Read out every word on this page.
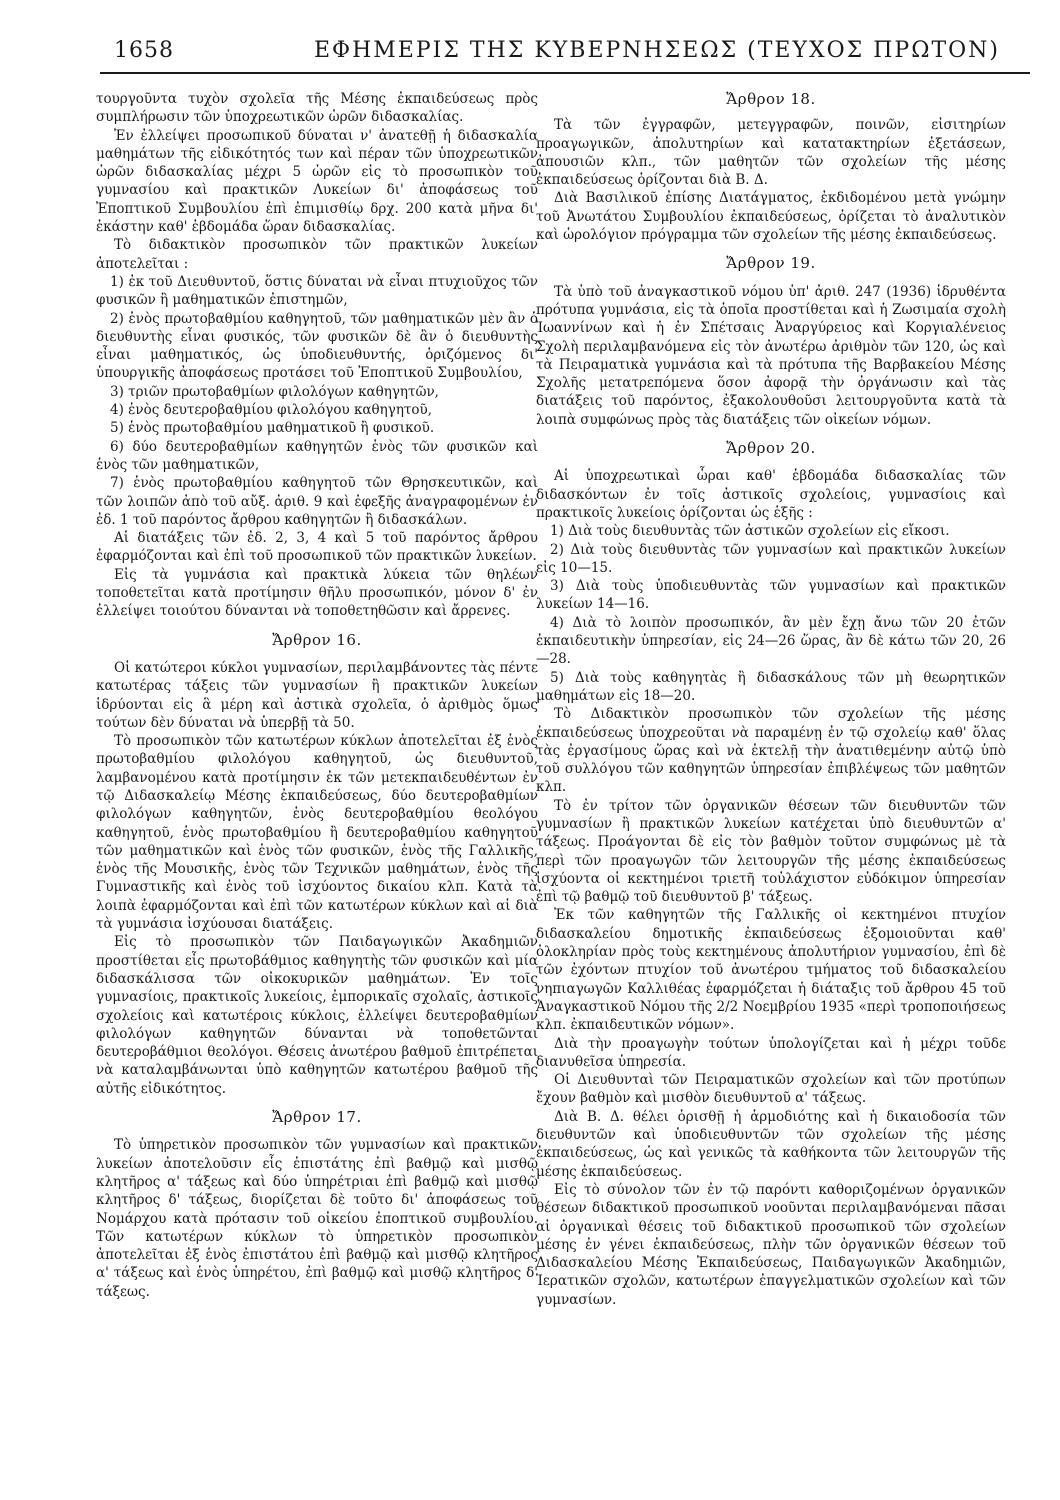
1658	ΕΦΗΜΕΡΙΣ ΤΗΣ ΚΥΒΕΡΝΗΣΕΩΣ (ΤΕΥΧΟΣ ΠΡΩΤΟΝ)

τουργοῦντα τυχὸν σχολεῖα τῆς Μέσης ἐκπαιδεύσεως πρὸς συμπλήρωσιν τῶν ὑποχρεωτικῶν ὡρῶν διδασκαλίας.

Ἐν ἐλλείψει προσωπικοῦ δύναται ν' ἀνατεθῇ ἡ διδασκαλία μαθημάτων τῆς εἰδικότητός των καὶ πέραν τῶν ὑποχρεωτικῶν ὡρῶν διδασκαλίας μέχρι 5 ὡρῶν εἰς τὸ προσωπικὸν τοῦ γυμνασίου καὶ πρακτικῶν Λυκείων δι' ἀποφάσεως τοῦ Ἐποπτικοῦ Συμβουλίου ἐπὶ ἐπιμισθίῳ δρχ. 200 κατὰ μῆνα δι' ἑκάστην καθ' ἑβδομάδα ὥραν διδασκαλίας.

Τὸ διδακτικὸν προσωπικὸν τῶν πρακτικῶν λυκείων ἀποτελεῖται :

1) ἐκ τοῦ Διευθυντοῦ, ὅστις δύναται νὰ εἶναι πτυχιοῦχος τῶν φυσικῶν ἢ μαθηματικῶν ἐπιστημῶν,

2) ἑνὸς πρωτοβαθμίου καθηγητοῦ, τῶν μαθηματικῶν μὲν ἂν ὁ διευθυντὴς εἶναι φυσικός, τῶν φυσικῶν δὲ ἂν ὁ διευθυντὴς εἶναι μαθηματικός, ὡς ὑποδιευθυντής, ὁριζόμενος δι' ὑπουργικῆς ἀποφάσεως προτάσει τοῦ Ἐποπτικοῦ Συμβουλίου,

3) τριῶν πρωτοβαθμίων φιλολόγων καθηγητῶν,

4) ἑνὸς δευτεροβαθμίου φιλολόγου καθηγητοῦ,

5) ἑνὸς πρωτοβαθμίου μαθηματικοῦ ἢ φυσικοῦ.

6) δύο δευτεροβαθμίων καθηγητῶν ἑνὸς τῶν φυσικῶν καὶ ἑνὸς τῶν μαθηματικῶν,

7) ἑνὸς πρωτοβαθμίου καθηγητοῦ τῶν Θρησκευτικῶν, καὶ τῶν λοιπῶν ἀπὸ τοῦ αὔξ. ἀριθ. 9 καὶ ἐφεξῆς ἀναγραφομένων ἐν ἐδ. 1 τοῦ παρόντος ἄρθρου καθηγητῶν ἢ διδασκάλων.

Αἱ διατάξεις τῶν ἐδ. 2, 3, 4 καὶ 5 τοῦ παρόντος ἄρθρου ἐφαρμόζονται καὶ ἐπὶ τοῦ προσωπικοῦ τῶν πρακτικῶν λυκείων.

Εἰς τὰ γυμνάσια καὶ πρακτικὰ λύκεια τῶν θηλέων τοποθετεῖται κατὰ προτίμησιν θῆλυ προσωπικόν, μόνον δ' ἐν ἐλλείψει τοιούτου δύνανται νὰ τοποθετηθῶσιν καὶ ἄρρενες.

Ἄρθρον 16.

Οἱ κατώτεροι κύκλοι γυμνασίων, περιλαμβάνοντες τὰς πέντε κατωτέρας τάξεις τῶν γυμνασίων ἢ πρακτικῶν λυκείων ἱδρύονται εἰς ἃ μέρη καὶ ἀστικὰ σχολεῖα, ὁ ἀριθμὸς ὅμως τούτων δὲν δύναται νὰ ὑπερβῇ τὰ 50.

Τὸ προσωπικὸν τῶν κατωτέρων κύκλων ἀποτελεῖται ἐξ ἑνὸς πρωτοβαθμίου φιλολόγου καθηγητοῦ, ὡς διευθυντοῦ, λαμβανομένου κατὰ προτίμησιν ἐκ τῶν μετεκπαιδευθέντων ἐν τῷ Διδασκαλείῳ Μέσης ἐκπαιδεύσεως, δύο δευτεροβαθμίων φιλολόγων καθηγητῶν, ἑνὸς δευτεροβαθμίου θεολόγου καθηγητοῦ, ἑνὸς πρωτοβαθμίου ἢ δευτεροβαθμίου καθηγητοῦ τῶν μαθηματικῶν καὶ ἑνὸς τῶν φυσικῶν, ἑνὸς τῆς Γαλλικῆς, ἑνὸς τῆς Μουσικῆς, ἑνὸς τῶν Τεχνικῶν μαθημάτων, ἑνὸς τῆς Γυμναστικῆς καὶ ἑνὸς τοῦ ἰσχύοντος δικαίου κλπ. Κατὰ τὰ λοιπὰ ἐφαρμόζονται καὶ ἐπὶ τῶν κατωτέρων κύκλων καὶ αἱ διὰ τὰ γυμνάσια ἰσχύουσαι διατάξεις.

Εἰς τὸ προσωπικὸν τῶν Παιδαγωγικῶν Ἀκαδημιῶν προστίθεται εἷς πρωτοβάθμιος καθηγητὴς τῶν φυσικῶν καὶ μία διδασκάλισσα τῶν οἰκοκυρικῶν μαθημάτων. Ἐν τοῖς γυμνασίοις, πρακτικοῖς λυκείοις, ἐμπορικαῖς σχολαῖς, ἀστικοῖς σχολείοις καὶ κατωτέροις κύκλοις, ἐλλείψει δευτεροβαθμίων φιλολόγων καθηγητῶν δύνανται νὰ τοποθετῶνται δευτεροβάθμιοι θεολόγοι. Θέσεις ἀνωτέρου βαθμοῦ ἐπιτρέπεται νὰ καταλαμβάνωνται ὑπὸ καθηγητῶν κατωτέρου βαθμοῦ τῆς αὐτῆς εἰδικότητος.

Ἄρθρον 17.

Τὸ ὑπηρετικὸν προσωπικὸν τῶν γυμνασίων καὶ πρακτικῶν λυκείων ἀποτελοῦσιν εἷς ἐπιστάτης ἐπὶ βαθμῷ καὶ μισθῷ κλητῆρος α' τάξεως καὶ δύο ὑπηρέτριαι ἐπὶ βαθμῷ καὶ μισθῷ κλητῆρος δ' τάξεως, διορίζεται δὲ τοῦτο δι' ἀποφάσεως τοῦ Νομάρχου κατὰ πρότασιν τοῦ οἰκείου ἐποπτικοῦ συμβουλίου. Τῶν κατωτέρων κύκλων τὸ ὑπηρετικὸν προσωπικὸν ἀποτελεῖται ἐξ ἑνὸς ἐπιστάτου ἐπὶ βαθμῷ καὶ μισθῷ κλητῆρος α' τάξεως καὶ ἑνὸς ὑπηρέτου, ἐπὶ βαθμῷ καὶ μισθῷ κλητῆρος δ' τάξεως.

Ἄρθρον 18.

Τὰ τῶν ἐγγραφῶν, μετεγγραφῶν, ποινῶν, εἰσιτηρίων προαγωγικῶν, ἀπολυτηρίων καὶ κατατακτηρίων ἐξετάσεων, ἀπουσιῶν κλπ., τῶν μαθητῶν τῶν σχολείων τῆς μέσης ἐκπαιδεύσεως ὁρίζονται διὰ Β. Δ.

Διὰ Βασιλικοῦ ἐπίσης Διατάγματος, ἐκδιδομένου μετὰ γνώμην τοῦ Ἀνωτάτου Συμβουλίου ἐκπαιδεύσεως, ὁρίζεται τὸ ἀναλυτικὸν καὶ ὡρολόγιον πρόγραμμα τῶν σχολείων τῆς μέσης ἐκπαιδεύσεως.

Ἄρθρον 19.

Τὰ ὑπὸ τοῦ ἀναγκαστικοῦ νόμου ὑπ' ἀριθ. 247 (1936) ἱδρυθέντα πρότυπα γυμνάσια, εἰς τὰ ὁποῖα προστίθεται καὶ ἡ Ζωσιμαία σχολὴ Ἰωαννίνων καὶ ἡ ἐν Σπέτσαις Ἀναργύρειος καὶ Κοργιαλένειος Σχολὴ περιλαμβανόμενα εἰς τὸν ἀνωτέρω ἀριθμὸν τῶν 120, ὡς καὶ τὰ Πειραματικὰ γυμνάσια καὶ τὰ πρότυπα τῆς Βαρβακείου Μέσης Σχολῆς μετατρεπόμενα ὅσον ἀφορᾷ τὴν ὀργάνωσιν καὶ τὰς διατάξεις τοῦ παρόντος, ἐξακολουθοῦσι λειτουργοῦντα κατὰ τὰ λοιπὰ συμφώνως πρὸς τὰς διατάξεις τῶν οἰκείων νόμων.

Ἄρθρον 20.

Αἱ ὑποχρεωτικαὶ ὧραι καθ' ἑβδομάδα διδασκαλίας τῶν διδασκόντων ἐν τοῖς ἀστικοῖς σχολείοις, γυμνασίοις καὶ πρακτικοῖς λυκείοις ὁρίζονται ὡς ἑξῆς :

1) Διὰ τοὺς διευθυντὰς τῶν ἀστικῶν σχολείων εἰς εἴκοσι.

2) Διὰ τοὺς διευθυντὰς τῶν γυμνασίων καὶ πρακτικῶν λυκείων εἰς 10—15.

3) Διὰ τοὺς ὑποδιευθυντὰς τῶν γυμνασίων καὶ πρακτικῶν λυκείων 14—16.

4) Διὰ τὸ λοιπὸν προσωπικόν, ἂν μὲν ἔχῃ ἄνω τῶν 20 ἐτῶν ἐκπαιδευτικὴν ὑπηρεσίαν, εἰς 24—26 ὥρας, ἂν δὲ κάτω τῶν 20, 26—28.

5) Διὰ τοὺς καθηγητὰς ἢ διδασκάλους τῶν μὴ θεωρητικῶν μαθημάτων εἰς 18—20.

Τὸ Διδακτικὸν προσωπικὸν τῶν σχολείων τῆς μέσης ἐκπαιδεύσεως ὑποχρεοῦται νὰ παραμένῃ ἐν τῷ σχολείῳ καθ' ὅλας τὰς ἐργασίμους ὥρας καὶ νὰ ἐκτελῇ τὴν ἀνατιθεμένην αὐτῷ ὑπὸ τοῦ συλλόγου τῶν καθηγητῶν ὑπηρεσίαν ἐπιβλέψεως τῶν μαθητῶν κλπ.

Τὸ ἐν τρίτον τῶν ὀργανικῶν θέσεων τῶν διευθυντῶν τῶν γυμνασίων ἢ πρακτικῶν λυκείων κατέχεται ὑπὸ διευθυντῶν α' τάξεως. Προάγονται δὲ εἰς τὸν βαθμὸν τοῦτον συμφώνως μὲ τὰ περὶ τῶν προαγωγῶν τῶν λειτουργῶν τῆς μέσης ἐκπαιδεύσεως ἰσχύοντα οἱ κεκτημένοι τριετῆ τοὐλάχιστον εὐδόκιμον ὑπηρεσίαν ἐπὶ τῷ βαθμῷ τοῦ διευθυντοῦ β' τάξεως.

Ἐκ τῶν καθηγητῶν τῆς Γαλλικῆς οἱ κεκτημένοι πτυχίον διδασκαλείου δημοτικῆς ἐκπαιδεύσεως ἐξομοιοῦνται καθ' ὁλοκληρίαν πρὸς τοὺς κεκτημένους ἀπολυτήριον γυμνασίου, ἐπὶ δὲ τῶν ἐχόντων πτυχίον τοῦ ἀνωτέρου τμήματος τοῦ διδασκαλείου νηπιαγωγῶν Καλλιθέας ἐφαρμόζεται ἡ διάταξις τοῦ ἄρθρου 45 τοῦ Ἀναγκαστικοῦ Νόμου τῆς 2/2 Νοεμβρίου 1935 «περὶ τροποποιήσεως κλπ. ἐκπαιδευτικῶν νόμων».

Διὰ τὴν προαγωγὴν τούτων ὑπολογίζεται καὶ ἡ μέχρι τοῦδε διανυθεῖσα ὑπηρεσία.

Οἱ Διευθυνταὶ τῶν Πειραματικῶν σχολείων καὶ τῶν προτύπων ἔχουν βαθμὸν καὶ μισθὸν διευθυντοῦ α' τάξεως.

Διὰ Β. Δ. θέλει ὁρισθῇ ἡ ἁρμοδιότης καὶ ἡ δικαιοδοσία τῶν διευθυντῶν καὶ ὑποδιευθυντῶν τῶν σχολείων τῆς μέσης ἐκπαιδεύσεως, ὡς καὶ γενικῶς τὰ καθήκοντα τῶν λειτουργῶν τῆς μέσης ἐκπαιδεύσεως.

Εἰς τὸ σύνολον τῶν ἐν τῷ παρόντι καθοριζομένων ὀργανικῶν θέσεων διδακτικοῦ προσωπικοῦ νοοῦνται περιλαμβανόμεναι πᾶσαι αἱ ὀργανικαὶ θέσεις τοῦ διδακτικοῦ προσωπικοῦ τῶν σχολείων μέσης ἐν γένει ἐκπαιδεύσεως, πλὴν τῶν ὀργανικῶν θέσεων τοῦ Διδασκαλείου Μέσης Ἐκπαιδεύσεως, Παιδαγωγικῶν Ἀκαδημιῶν, Ἱερατικῶν σχολῶν, κατωτέρων ἐπαγγελματικῶν σχολείων καὶ τῶν γυμνασίων.
